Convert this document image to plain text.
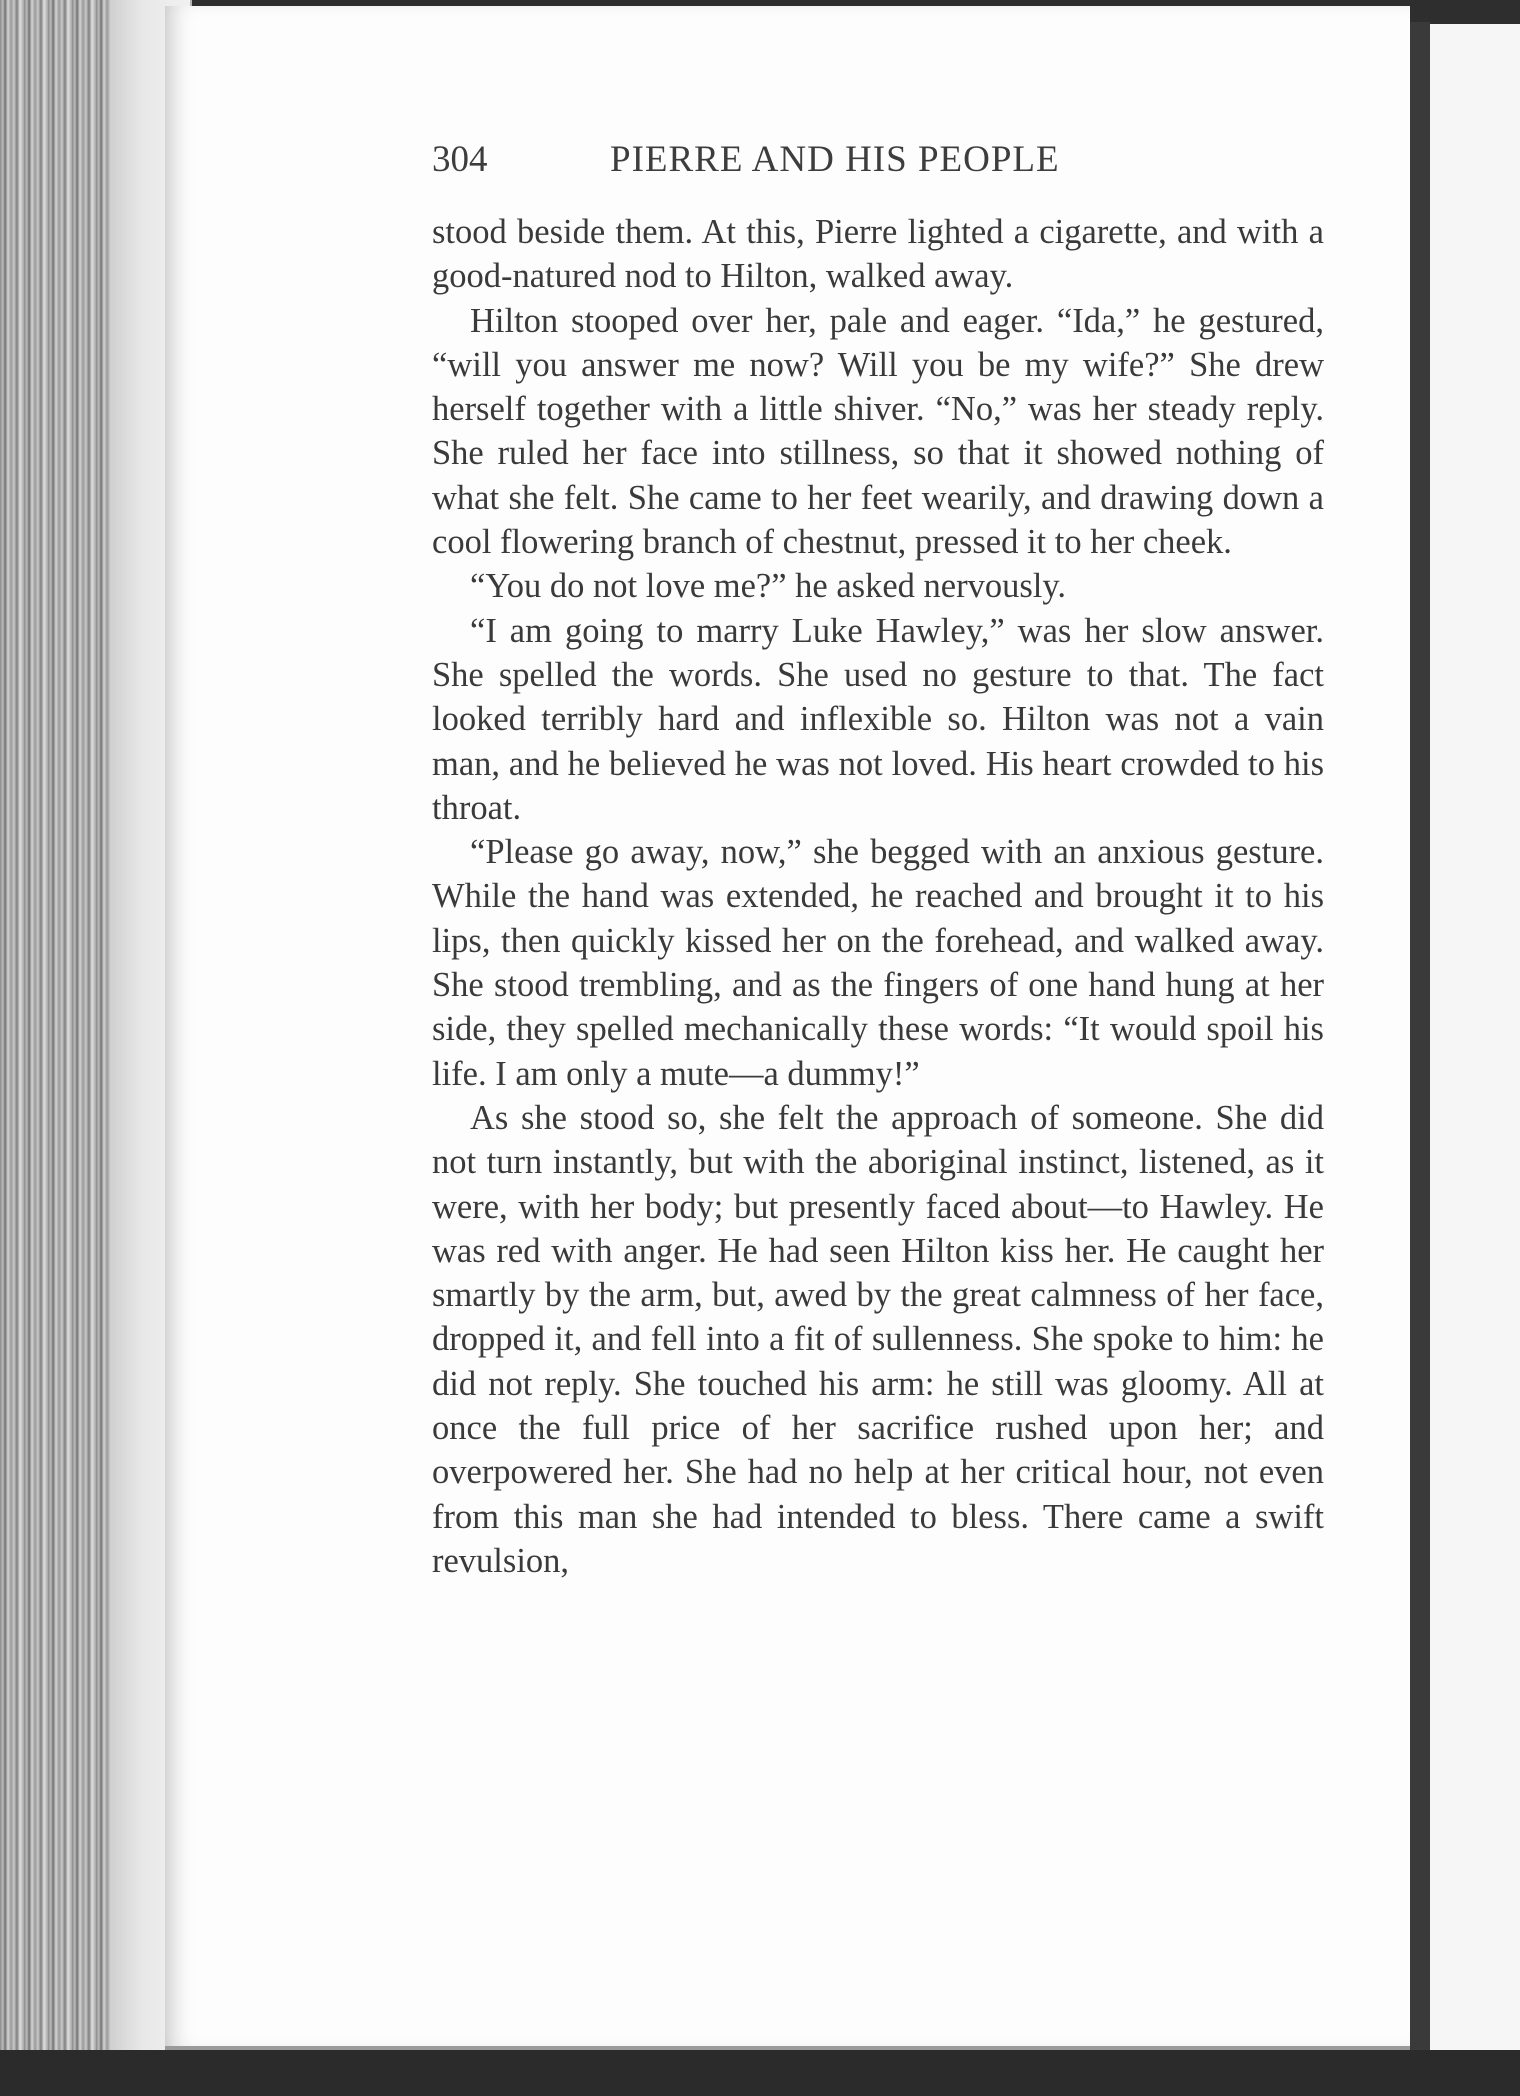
304	PIERRE AND HIS PEOPLE

stood beside them. At this, Pierre lighted a cigarette, and with a good-natured nod to Hilton, walked away.

Hilton stooped over her, pale and eager. “Ida,” he gestured, “will you answer me now? Will you be my wife?” She drew herself together with a little shiver. “No,” was her steady reply. She ruled her face into stillness, so that it showed nothing of what she felt. She came to her feet wearily, and drawing down a cool flowering branch of chestnut, pressed it to her cheek.

“You do not love me?” he asked nervously.

“I am going to marry Luke Hawley,” was her slow answer. She spelled the words. She used no gesture to that. The fact looked terribly hard and inflexible so. Hilton was not a vain man, and he believed he was not loved. His heart crowded to his throat.

“Please go away, now,” she begged with an anxious gesture. While the hand was extended, he reached and brought it to his lips, then quickly kissed her on the forehead, and walked away. She stood trembling, and as the fingers of one hand hung at her side, they spelled mechanically these words: “It would spoil his life. I am only a mute—a dummy!”

As she stood so, she felt the approach of someone. She did not turn instantly, but with the aboriginal instinct, listened, as it were, with her body; but presently faced about—to Hawley. He was red with anger. He had seen Hilton kiss her. He caught her smartly by the arm, but, awed by the great calmness of her face, dropped it, and fell into a fit of sullenness. She spoke to him: he did not reply. She touched his arm: he still was gloomy. All at once the full price of her sacrifice rushed upon her; and overpowered her. She had no help at her critical hour, not even from this man she had intended to bless. There came a swift revulsion,
